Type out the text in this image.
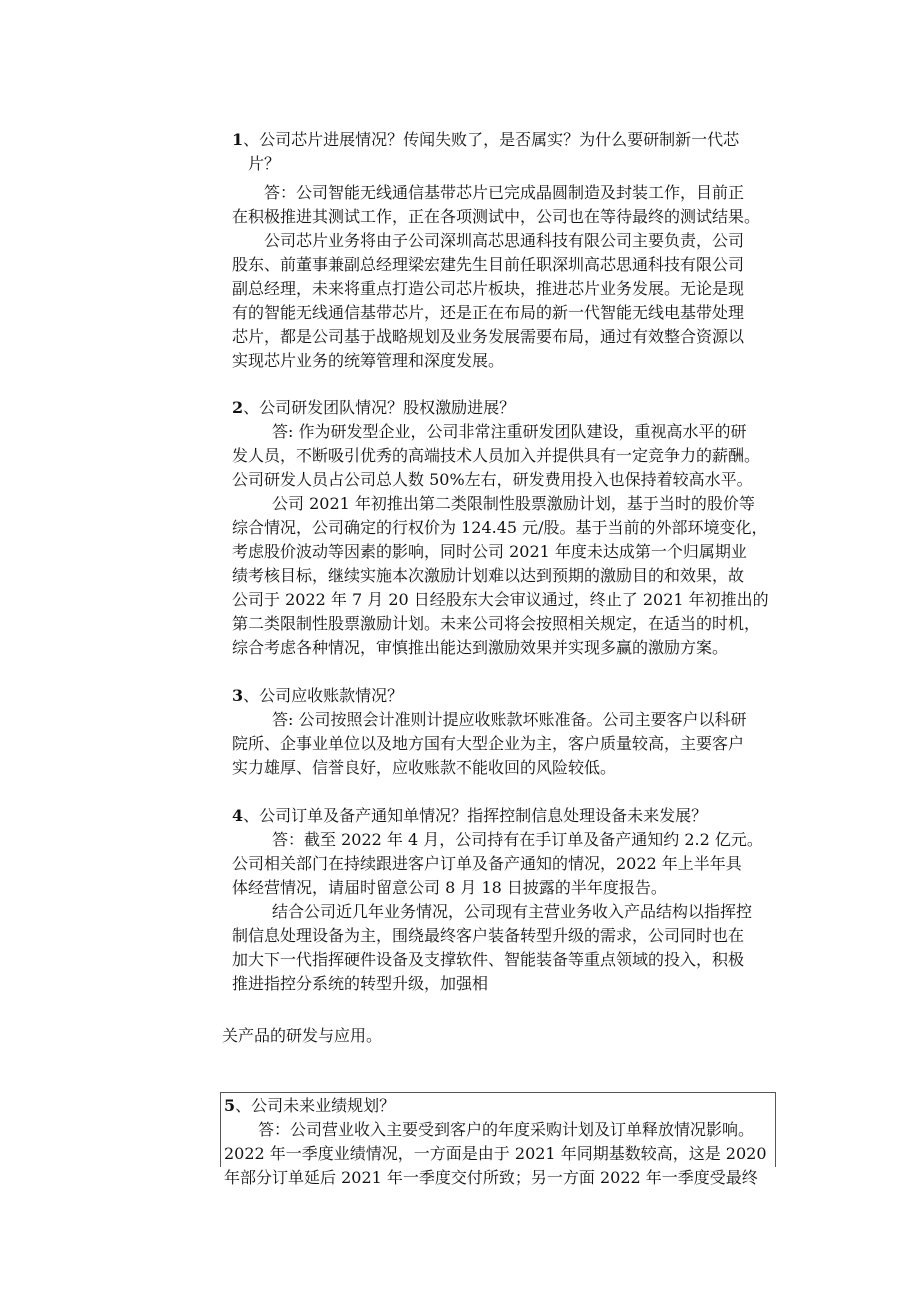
1、公司芯片进展情况？传闻失败了，是否属实？为什么要研制新一代芯
片？
答：公司智能无线通信基带芯片已完成晶圆制造及封装工作，目前正
在积极推进其测试工作，正在各项测试中，公司也在等待最终的测试结果。
公司芯片业务将由子公司深圳高芯思通科技有限公司主要负责，公司
股东、前董事兼副总经理梁宏建先生目前任职深圳高芯思通科技有限公司
副总经理，未来将重点打造公司芯片板块，推进芯片业务发展。无论是现
有的智能无线通信基带芯片，还是正在布局的新一代智能无线电基带处理
芯片，都是公司基于战略规划及业务发展需要布局，通过有效整合资源以
实现芯片业务的统筹管理和深度发展。
2、公司研发团队情况？股权激励进展？
答: 作为研发型企业，公司非常注重研发团队建设，重视高水平的研
发人员，不断吸引优秀的高端技术人员加入并提供具有一定竞争力的薪酬。
公司研发人员占公司总人数 50%左右，研发费用投入也保持着较高水平。
公司 2021 年初推出第二类限制性股票激励计划，基于当时的股价等
综合情况，公司确定的行权价为 124.45 元/股。基于当前的外部环境变化，
考虑股价波动等因素的影响，同时公司 2021 年度未达成第一个归属期业
绩考核目标，继续实施本次激励计划难以达到预期的激励目的和效果，故
公司于 2022 年 7 月 20 日经股东大会审议通过，终止了 2021 年初推出的
第二类限制性股票激励计划。未来公司将会按照相关规定，在适当的时机，
综合考虑各种情况，审慎推出能达到激励效果并实现多赢的激励方案。
3、公司应收账款情况？
答: 公司按照会计准则计提应收账款坏账准备。公司主要客户以科研
院所、企事业单位以及地方国有大型企业为主，客户质量较高，主要客户
实力雄厚、信誉良好，应收账款不能收回的风险较低。
4、公司订单及备产通知单情况？指挥控制信息处理设备未来发展？
答：截至 2022 年 4 月，公司持有在手订单及备产通知约 2.2 亿元。
公司相关部门在持续跟进客户订单及备产通知的情况，2022 年上半年具
体经营情况，请届时留意公司 8 月 18 日披露的半年度报告。
结合公司近几年业务情况，公司现有主营业务收入产品结构以指挥控
制信息处理设备为主，围绕最终客户装备转型升级的需求，公司同时也在
加大下一代指挥硬件设备及支撑软件、智能装备等重点领域的投入，积极
推进指控分系统的转型升级，加强相
关产品的研发与应用。
5、公司未来业绩规划？
答：公司营业收入主要受到客户的年度采购计划及订单释放情况影响。
2022 年一季度业绩情况，一方面是由于 2021 年同期基数较高，这是 2020
年部分订单延后 2021 年一季度交付所致；另一方面 2022 年一季度受最终
